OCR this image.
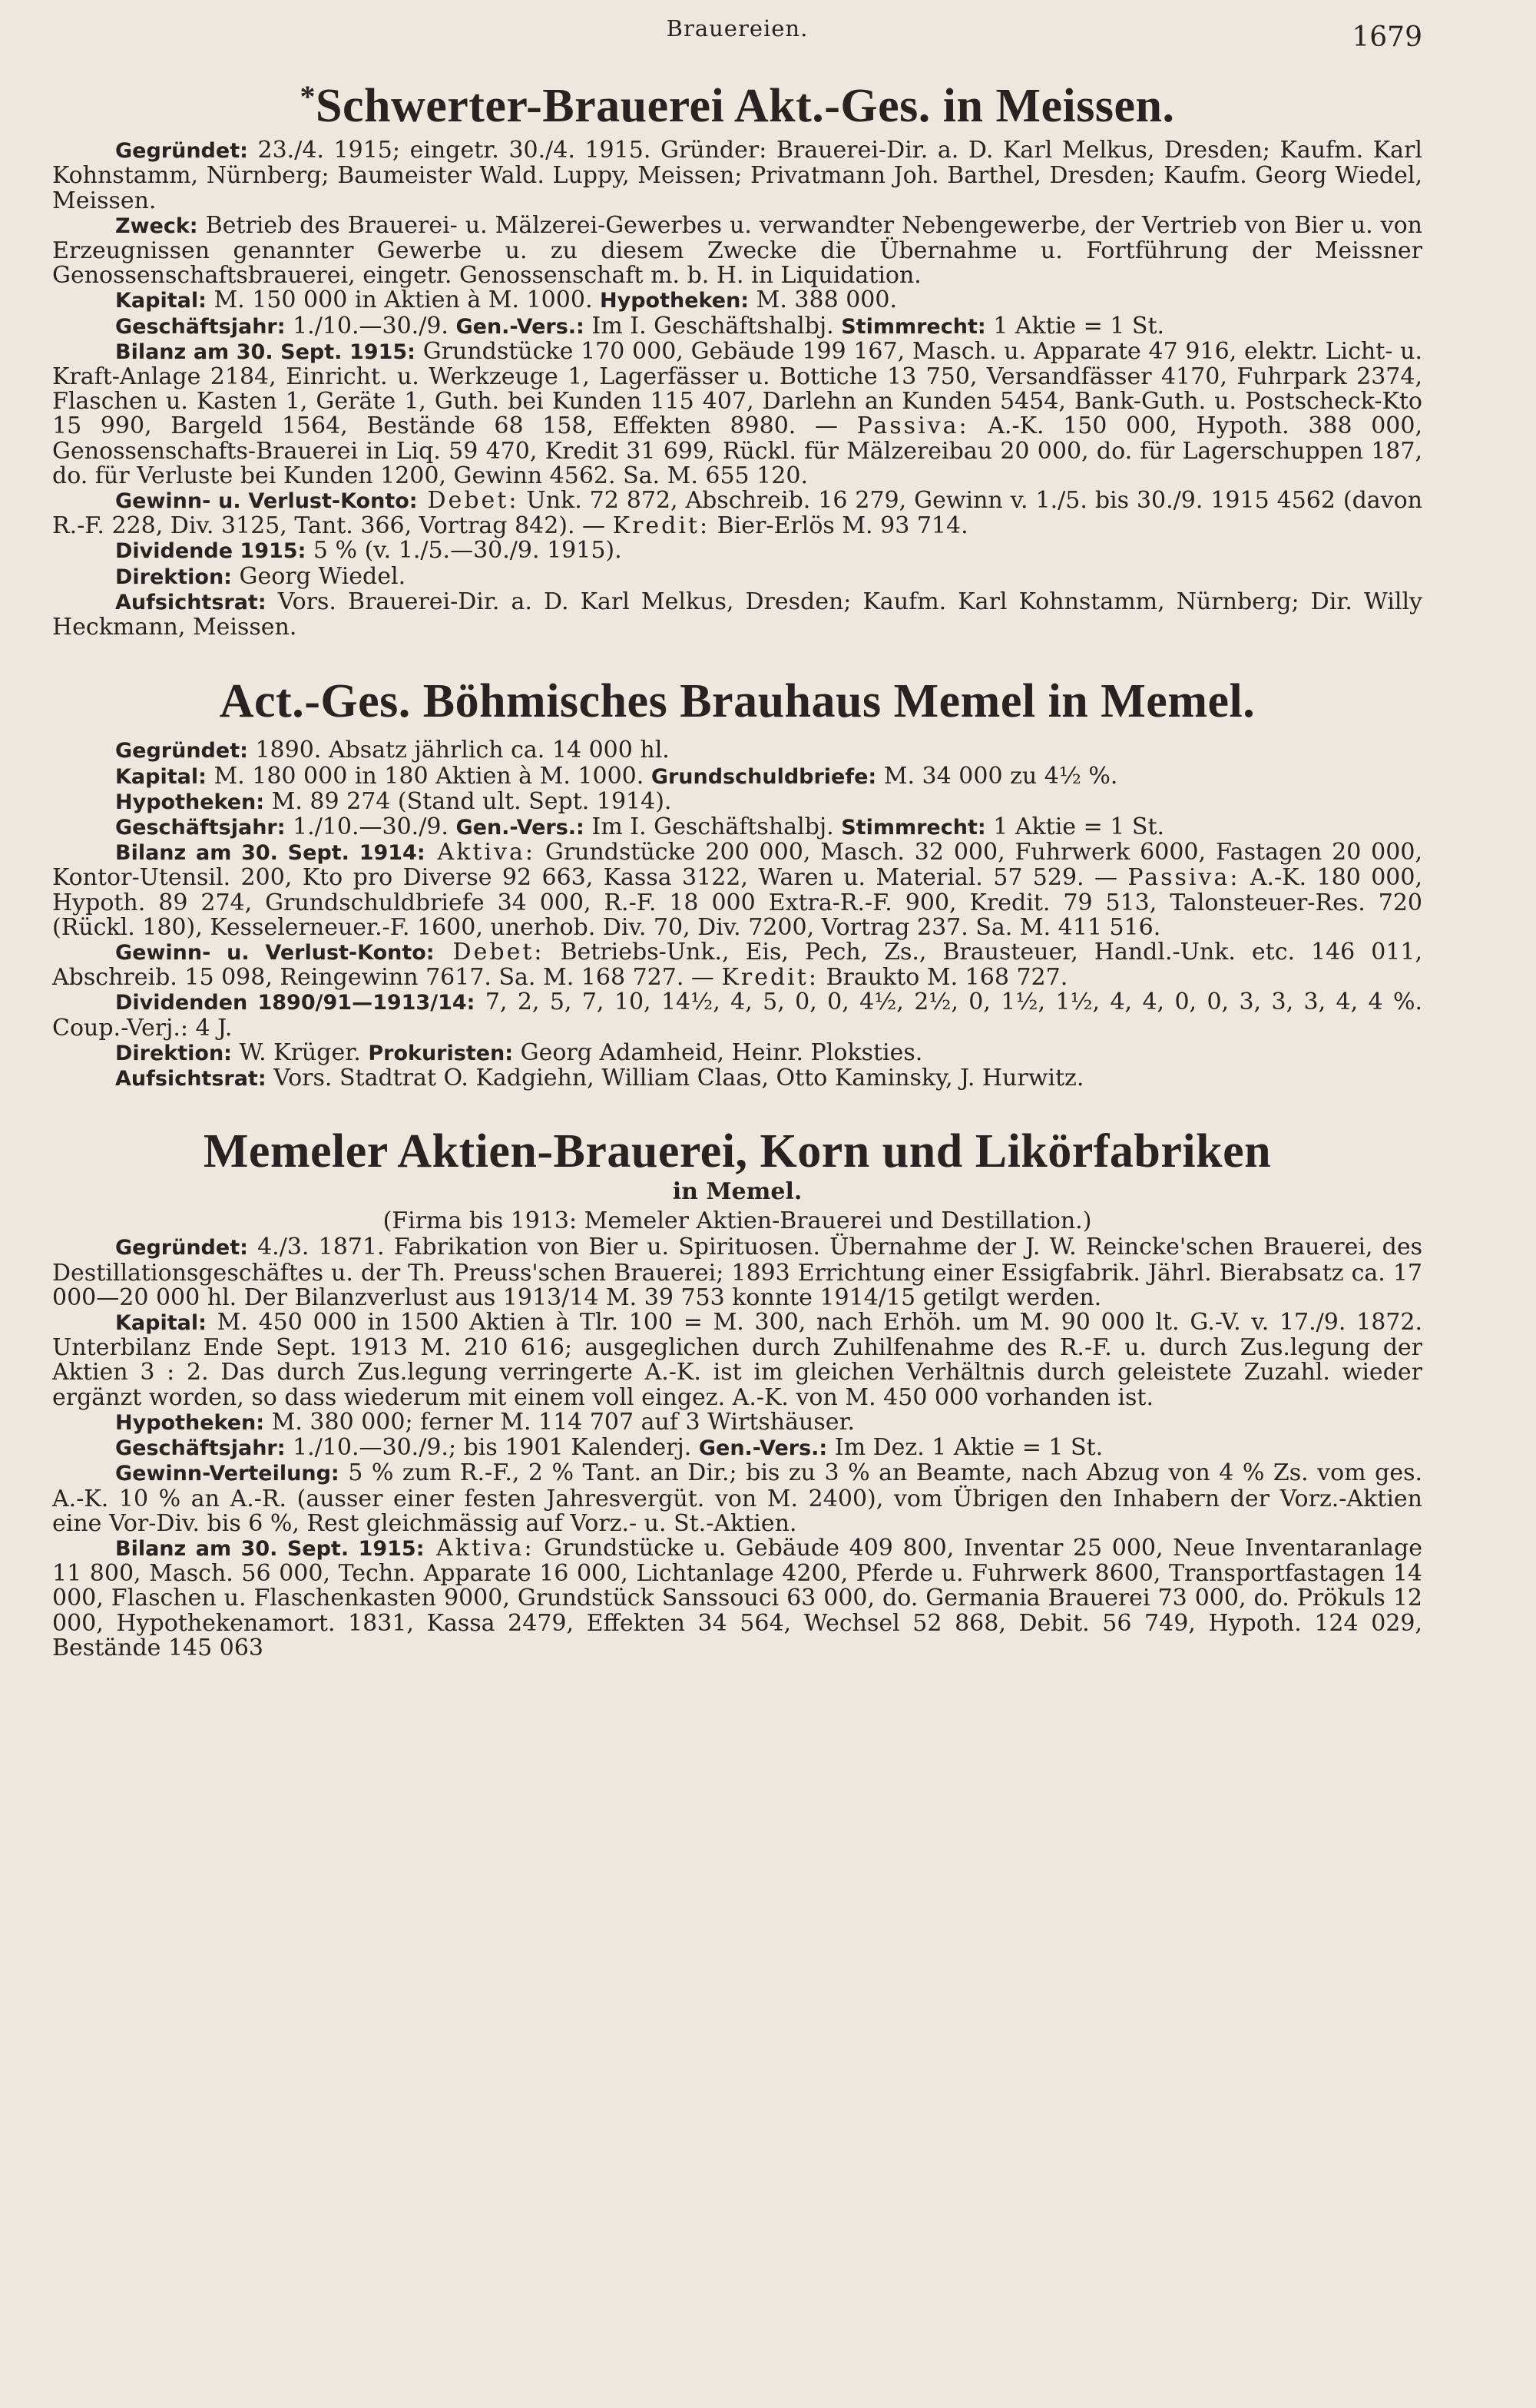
Brauereien.	1679
*Schwerter-Brauerei Akt.-Ges. in Meissen.

Gegründet: 23./4. 1915; eingetr. 30./4. 1915. Gründer: Brauerei-Dir. a. D. Karl Melkus, Dresden; Kaufm. Karl Kohnstamm, Nürnberg; Baumeister Wald. Luppy, Meissen; Privatmann Joh. Barthel, Dresden; Kaufm. Georg Wiedel, Meissen.

Zweck: Betrieb des Brauerei- u. Mälzerei-Gewerbes u. verwandter Nebengewerbe, der Vertrieb von Bier u. von Erzeugnissen genannter Gewerbe u. zu diesem Zwecke die Übernahme u. Fortführung der Meissner Genossenschaftsbrauerei, eingetr. Genossenschaft m. b. H. in Liquidation.

Kapital: M. 150 000 in Aktien à M. 1000. Hypotheken: M. 388 000.

Geschäftsjahr: 1./10.—30./9. Gen.-Vers.: Im I. Geschäftshalbj. Stimmrecht: 1 Aktie = 1 St.

Bilanz am 30. Sept. 1915: Grundstücke 170 000, Gebäude 199 167, Masch. u. Apparate 47 916, elektr. Licht- u. Kraft-Anlage 2184, Einricht. u. Werkzeuge 1, Lagerfässer u. Bottiche 13 750, Versandfässer 4170, Fuhrpark 2374, Flaschen u. Kasten 1, Geräte 1, Guth. bei Kunden 115 407, Darlehn an Kunden 5454, Bank-Guth. u. Postscheck-Kto 15 990, Bargeld 1564, Bestände 68 158, Effekten 8980. — Passiva: A.-K. 150 000, Hypoth. 388 000, Genossenschafts-Brauerei in Liq. 59 470, Kredit 31 699, Rückl. für Mälzereibau 20 000, do. für Lagerschuppen 187, do. für Verluste bei Kunden 1200, Gewinn 4562. Sa. M. 655 120.

Gewinn- u. Verlust-Konto: Debet: Unk. 72 872, Abschreib. 16 279, Gewinn v. 1./5. bis 30./9. 1915 4562 (davon R.-F. 228, Div. 3125, Tant. 366, Vortrag 842). — Kredit: Bier-Erlös M. 93 714.

Dividende 1915: 5 % (v. 1./5.—30./9. 1915).

Direktion: Georg Wiedel.

Aufsichtsrat: Vors. Brauerei-Dir. a. D. Karl Melkus, Dresden; Kaufm. Karl Kohnstamm, Nürnberg; Dir. Willy Heckmann, Meissen.

Act.-Ges. Böhmisches Brauhaus Memel in Memel.

Gegründet: 1890. Absatz jährlich ca. 14 000 hl.

Kapital: M. 180 000 in 180 Aktien à M. 1000. Grundschuldbriefe: M. 34 000 zu 4½ %.

Hypotheken: M. 89 274 (Stand ult. Sept. 1914).

Geschäftsjahr: 1./10.—30./9. Gen.-Vers.: Im I. Geschäftshalbj. Stimmrecht: 1 Aktie = 1 St.

Bilanz am 30. Sept. 1914: Aktiva: Grundstücke 200 000, Masch. 32 000, Fuhrwerk 6000, Fastagen 20 000, Kontor-Utensil. 200, Kto pro Diverse 92 663, Kassa 3122, Waren u. Material. 57 529. — Passiva: A.-K. 180 000, Hypoth. 89 274, Grundschuldbriefe 34 000, R.-F. 18 000 Extra-R.-F. 900, Kredit. 79 513, Talonsteuer-Res. 720 (Rückl. 180), Kesselerneuer.-F. 1600, unerhob. Div. 70, Div. 7200, Vortrag 237. Sa. M. 411 516.

Gewinn- u. Verlust-Konto: Debet: Betriebs-Unk., Eis, Pech, Zs., Brausteuer, Handl.-Unk. etc. 146 011, Abschreib. 15 098, Reingewinn 7617. Sa. M. 168 727. — Kredit: Braukto M. 168 727.

Dividenden 1890/91—1913/14: 7, 2, 5, 7, 10, 14½, 4, 5, 0, 0, 4½, 2½, 0, 1½, 1½, 4, 4, 0, 0, 3, 3, 3, 4, 4 %. Coup.-Verj.: 4 J.

Direktion: W. Krüger. Prokuristen: Georg Adamheid, Heinr. Ploksties.

Aufsichtsrat: Vors. Stadtrat O. Kadgiehn, William Claas, Otto Kaminsky, J. Hurwitz.

Memeler Aktien-Brauerei, Korn und Likörfabriken

in Memel.

(Firma bis 1913: Memeler Aktien-Brauerei und Destillation.)

Gegründet: 4./3. 1871. Fabrikation von Bier u. Spirituosen. Übernahme der J. W. Reincke'schen Brauerei, des Destillationsgeschäftes u. der Th. Preuss'schen Brauerei; 1893 Errichtung einer Essigfabrik. Jährl. Bierabsatz ca. 17 000—20 000 hl. Der Bilanzverlust aus 1913/14 M. 39 753 konnte 1914/15 getilgt werden.

Kapital: M. 450 000 in 1500 Aktien à Tlr. 100 = M. 300, nach Erhöh. um M. 90 000 lt. G.-V. v. 17./9. 1872. Unterbilanz Ende Sept. 1913 M. 210 616; ausgeglichen durch Zuhilfenahme des R.-F. u. durch Zus.legung der Aktien 3 : 2. Das durch Zus.legung verringerte A.-K. ist im gleichen Verhältnis durch geleistete Zuzahl. wieder ergänzt worden, so dass wiederum mit einem voll eingez. A.-K. von M. 450 000 vorhanden ist.

Hypotheken: M. 380 000; ferner M. 114 707 auf 3 Wirtshäuser.

Geschäftsjahr: 1./10.—30./9.; bis 1901 Kalenderj. Gen.-Vers.: Im Dez. 1 Aktie = 1 St.

Gewinn-Verteilung: 5 % zum R.-F., 2 % Tant. an Dir.; bis zu 3 % an Beamte, nach Abzug von 4 % Zs. vom ges. A.-K. 10 % an A.-R. (ausser einer festen Jahresvergüt. von M. 2400), vom Übrigen den Inhabern der Vorz.-Aktien eine Vor-Div. bis 6 %, Rest gleichmässig auf Vorz.- u. St.-Aktien.

Bilanz am 30. Sept. 1915: Aktiva: Grundstücke u. Gebäude 409 800, Inventar 25 000, Neue Inventaranlage 11 800, Masch. 56 000, Techn. Apparate 16 000, Lichtanlage 4200, Pferde u. Fuhrwerk 8600, Transportfastagen 14 000, Flaschen u. Flaschenkasten 9000, Grundstück Sanssouci 63 000, do. Germania Brauerei 73 000, do. Prökuls 12 000, Hypothekenamort. 1831, Kassa 2479, Effekten 34 564, Wechsel 52 868, Debit. 56 749, Hypoth. 124 029, Bestände 145 063
